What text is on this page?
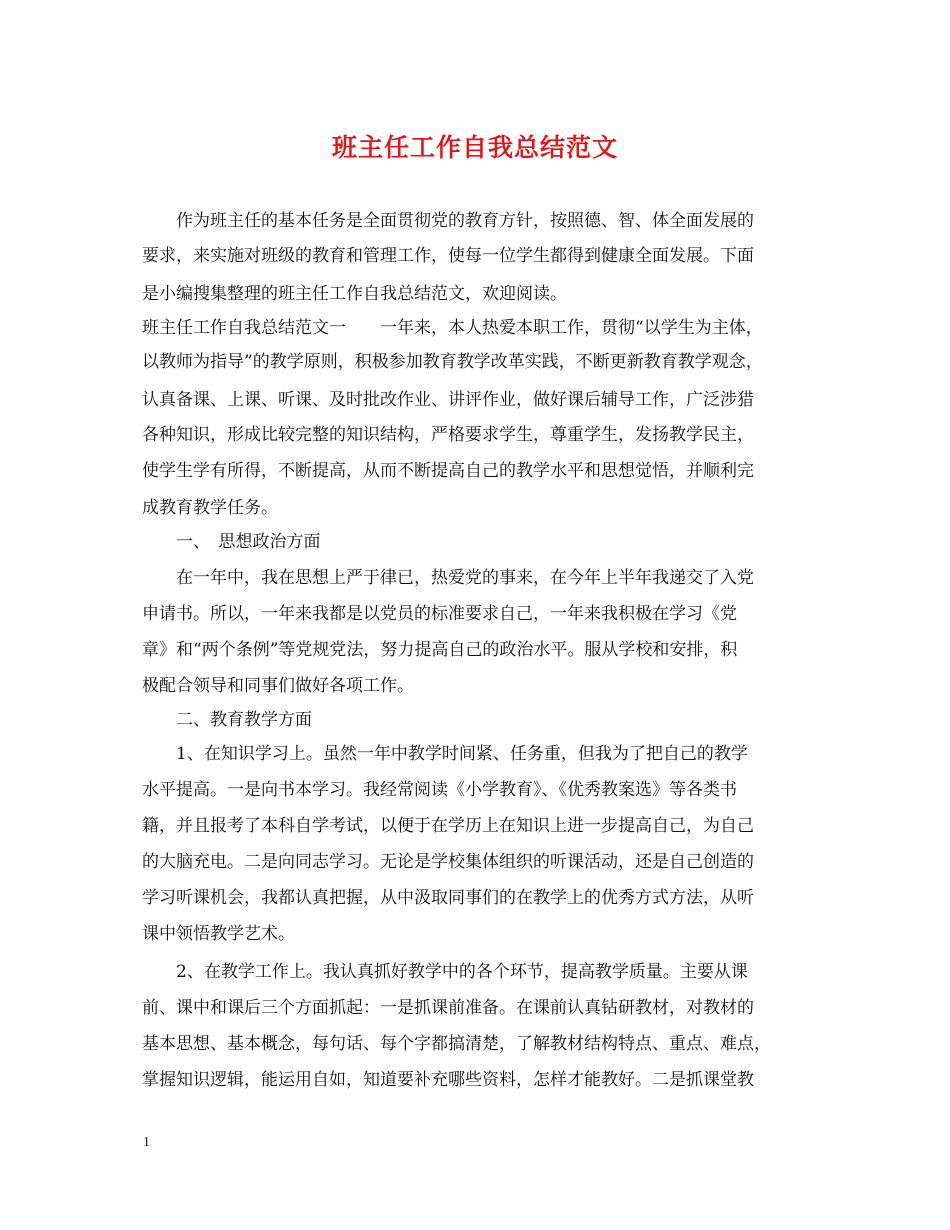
班主任工作自我总结范文
作为班主任的基本任务是全面贯彻党的教育方针，按照德、智、体全面发展的
要求，来实施对班级的教育和管理工作，使每一位学生都得到健康全面发展。下面
是小编搜集整理的班主任工作自我总结范文，欢迎阅读。
班主任工作自我总结范文一　　一年来，本人热爱本职工作，贯彻“以学生为主体，
以教师为指导”的教学原则，积极参加教育教学改革实践，不断更新教育教学观念，
认真备课、上课、听课、及时批改作业、讲评作业，做好课后辅导工作，广泛涉猎
各种知识，形成比较完整的知识结构，严格要求学生，尊重学生，发扬教学民主，
使学生学有所得，不断提高，从而不断提高自己的教学水平和思想觉悟，并顺利完
成教育教学任务。
一、　思想政治方面
在一年中，我在思想上严于律已，热爱党的事来，在今年上半年我递交了入党
申请书。所以，一年来我都是以党员的标准要求自己，一年来我积极在学习《党
章》和“两个条例”等党规党法，努力提高自己的政治水平。服从学校和安排，积
极配合领导和同事们做好各项工作。
二、教育教学方面
1、在知识学习上。虽然一年中教学时间紧、任务重，但我为了把自己的教学
水平提高。一是向书本学习。我经常阅读《小学教育》、《优秀教案选》等各类书
籍，并且报考了本科自学考试，以便于在学历上在知识上进一步提高自己，为自己
的大脑充电。二是向同志学习。无论是学校集体组织的听课活动，还是自己创造的
学习听课机会，我都认真把握，从中汲取同事们的在教学上的优秀方式方法，从听
课中领悟教学艺术。
2、在教学工作上。我认真抓好教学中的各个环节，提高教学质量。主要从课
前、课中和课后三个方面抓起：一是抓课前准备。在课前认真钻研教材，对教材的
基本思想、基本概念，每句话、每个字都搞清楚，了解教材结构特点、重点、难点，
掌握知识逻辑，能运用自如，知道要补充哪些资料，怎样才能教好。二是抓课堂教
1
